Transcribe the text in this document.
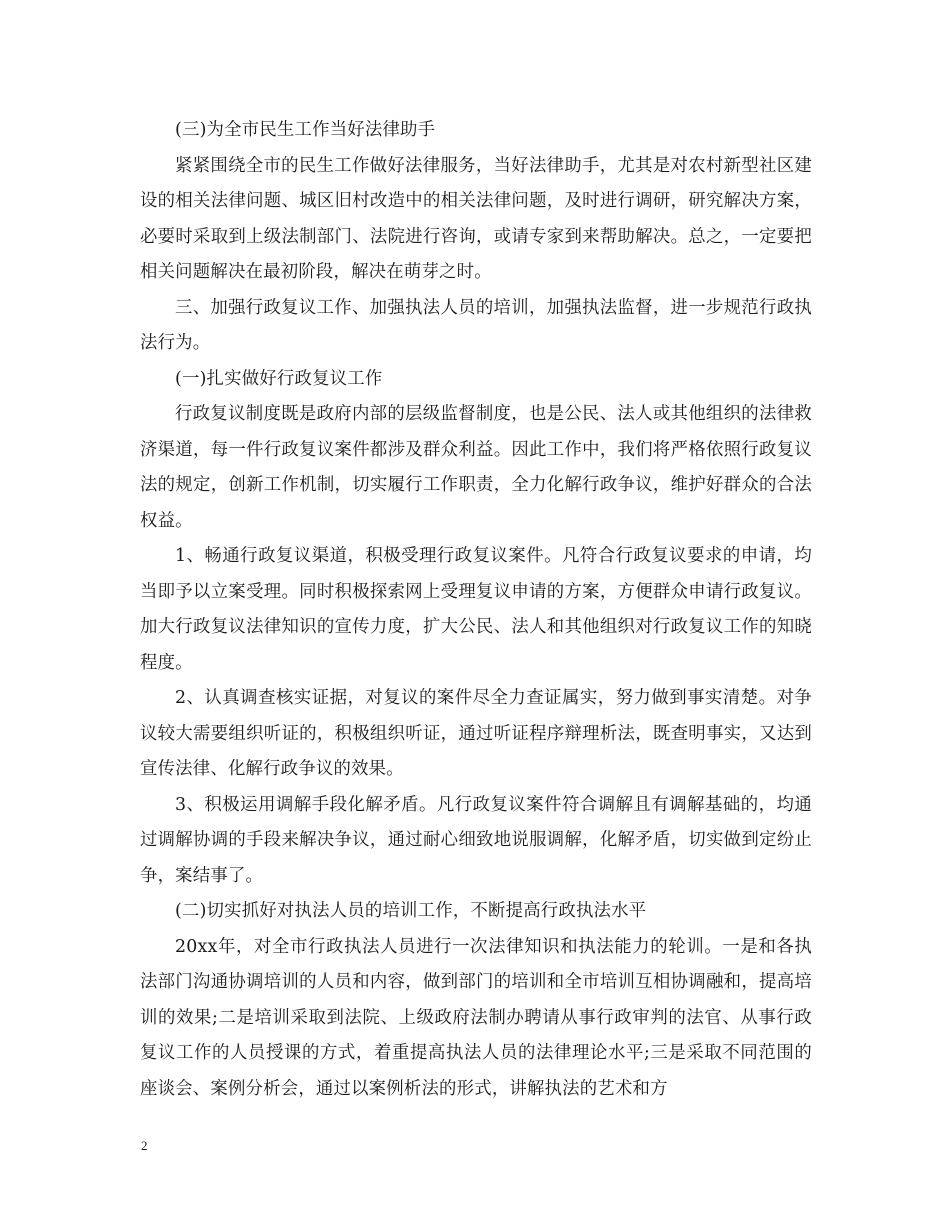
(三)为全市民生工作当好法律助手

紧紧围绕全市的民生工作做好法律服务，当好法律助手，尤其是对农村新型社区建设的相关法律问题、城区旧村改造中的相关法律问题，及时进行调研，研究解决方案，必要时采取到上级法制部门、法院进行咨询，或请专家到来帮助解决。总之，一定要把相关问题解决在最初阶段，解决在萌芽之时。

三、加强行政复议工作、加强执法人员的培训，加强执法监督，进一步规范行政执法行为。

(一)扎实做好行政复议工作

行政复议制度既是政府内部的层级监督制度，也是公民、法人或其他组织的法律救济渠道，每一件行政复议案件都涉及群众利益。因此工作中，我们将严格依照行政复议法的规定，创新工作机制，切实履行工作职责，全力化解行政争议，维护好群众的合法权益。

1、畅通行政复议渠道，积极受理行政复议案件。凡符合行政复议要求的申请，均当即予以立案受理。同时积极探索网上受理复议申请的方案，方便群众申请行政复议。加大行政复议法律知识的宣传力度，扩大公民、法人和其他组织对行政复议工作的知晓程度。

2、认真调查核实证据，对复议的案件尽全力查证属实，努力做到事实清楚。对争议较大需要组织听证的，积极组织听证，通过听证程序辩理析法，既查明事实，又达到宣传法律、化解行政争议的效果。

3、积极运用调解手段化解矛盾。凡行政复议案件符合调解且有调解基础的，均通过调解协调的手段来解决争议，通过耐心细致地说服调解，化解矛盾，切实做到定纷止争，案结事了。

(二)切实抓好对执法人员的培训工作，不断提高行政执法水平

20xx年，对全市行政执法人员进行一次法律知识和执法能力的轮训。一是和各执法部门沟通协调培训的人员和内容，做到部门的培训和全市培训互相协调融和，提高培训的效果;二是培训采取到法院、上级政府法制办聘请从事行政审判的法官、从事行政复议工作的人员授课的方式，着重提高执法人员的法律理论水平;三是采取不同范围的座谈会、案例分析会，通过以案例析法的形式，讲解执法的艺术和方

2
